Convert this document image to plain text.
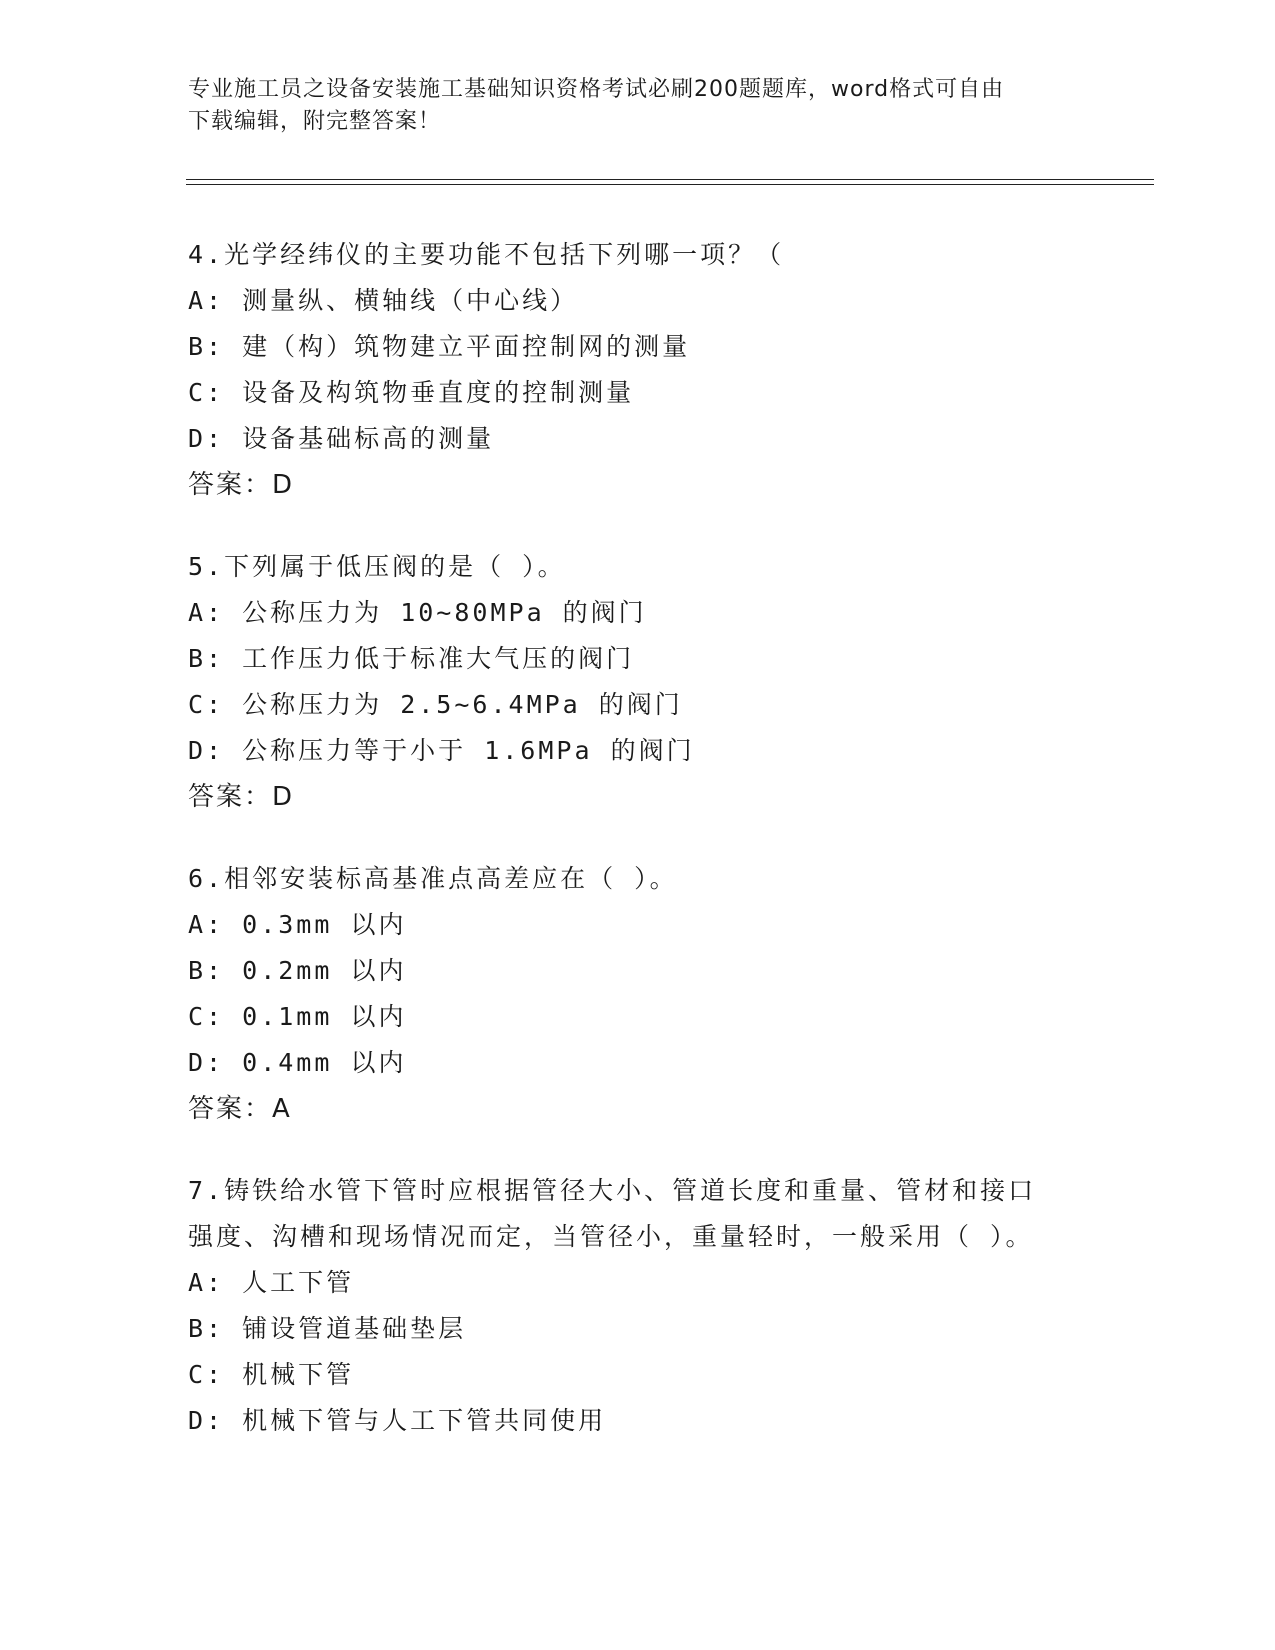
专业施工员之设备安装施工基础知识资格考试必刷200题题库，word格式可自由
下载编辑，附完整答案！
4.光学经纬仪的主要功能不包括下列哪一项？（
A: 测量纵、横轴线（中心线）
B: 建（构）筑物建立平面控制网的测量
C: 设备及构筑物垂直度的控制测量
D: 设备基础标高的测量
答案：D
5.下列属于低压阀的是（ ）。
A: 公称压力为 10~80MPa 的阀门
B: 工作压力低于标准大气压的阀门
C: 公称压力为 2.5~6.4MPa 的阀门
D: 公称压力等于小于 1.6MPa 的阀门
答案：D
6.相邻安装标高基准点高差应在（ ）。
A: 0.3mm 以内
B: 0.2mm 以内
C: 0.1mm 以内
D: 0.4mm 以内
答案：A
7.铸铁给水管下管时应根据管径大小、管道长度和重量、管材和接口
强度、沟槽和现场情况而定，当管径小，重量轻时，一般采用（ ）。
A: 人工下管
B: 铺设管道基础垫层
C: 机械下管
D: 机械下管与人工下管共同使用
